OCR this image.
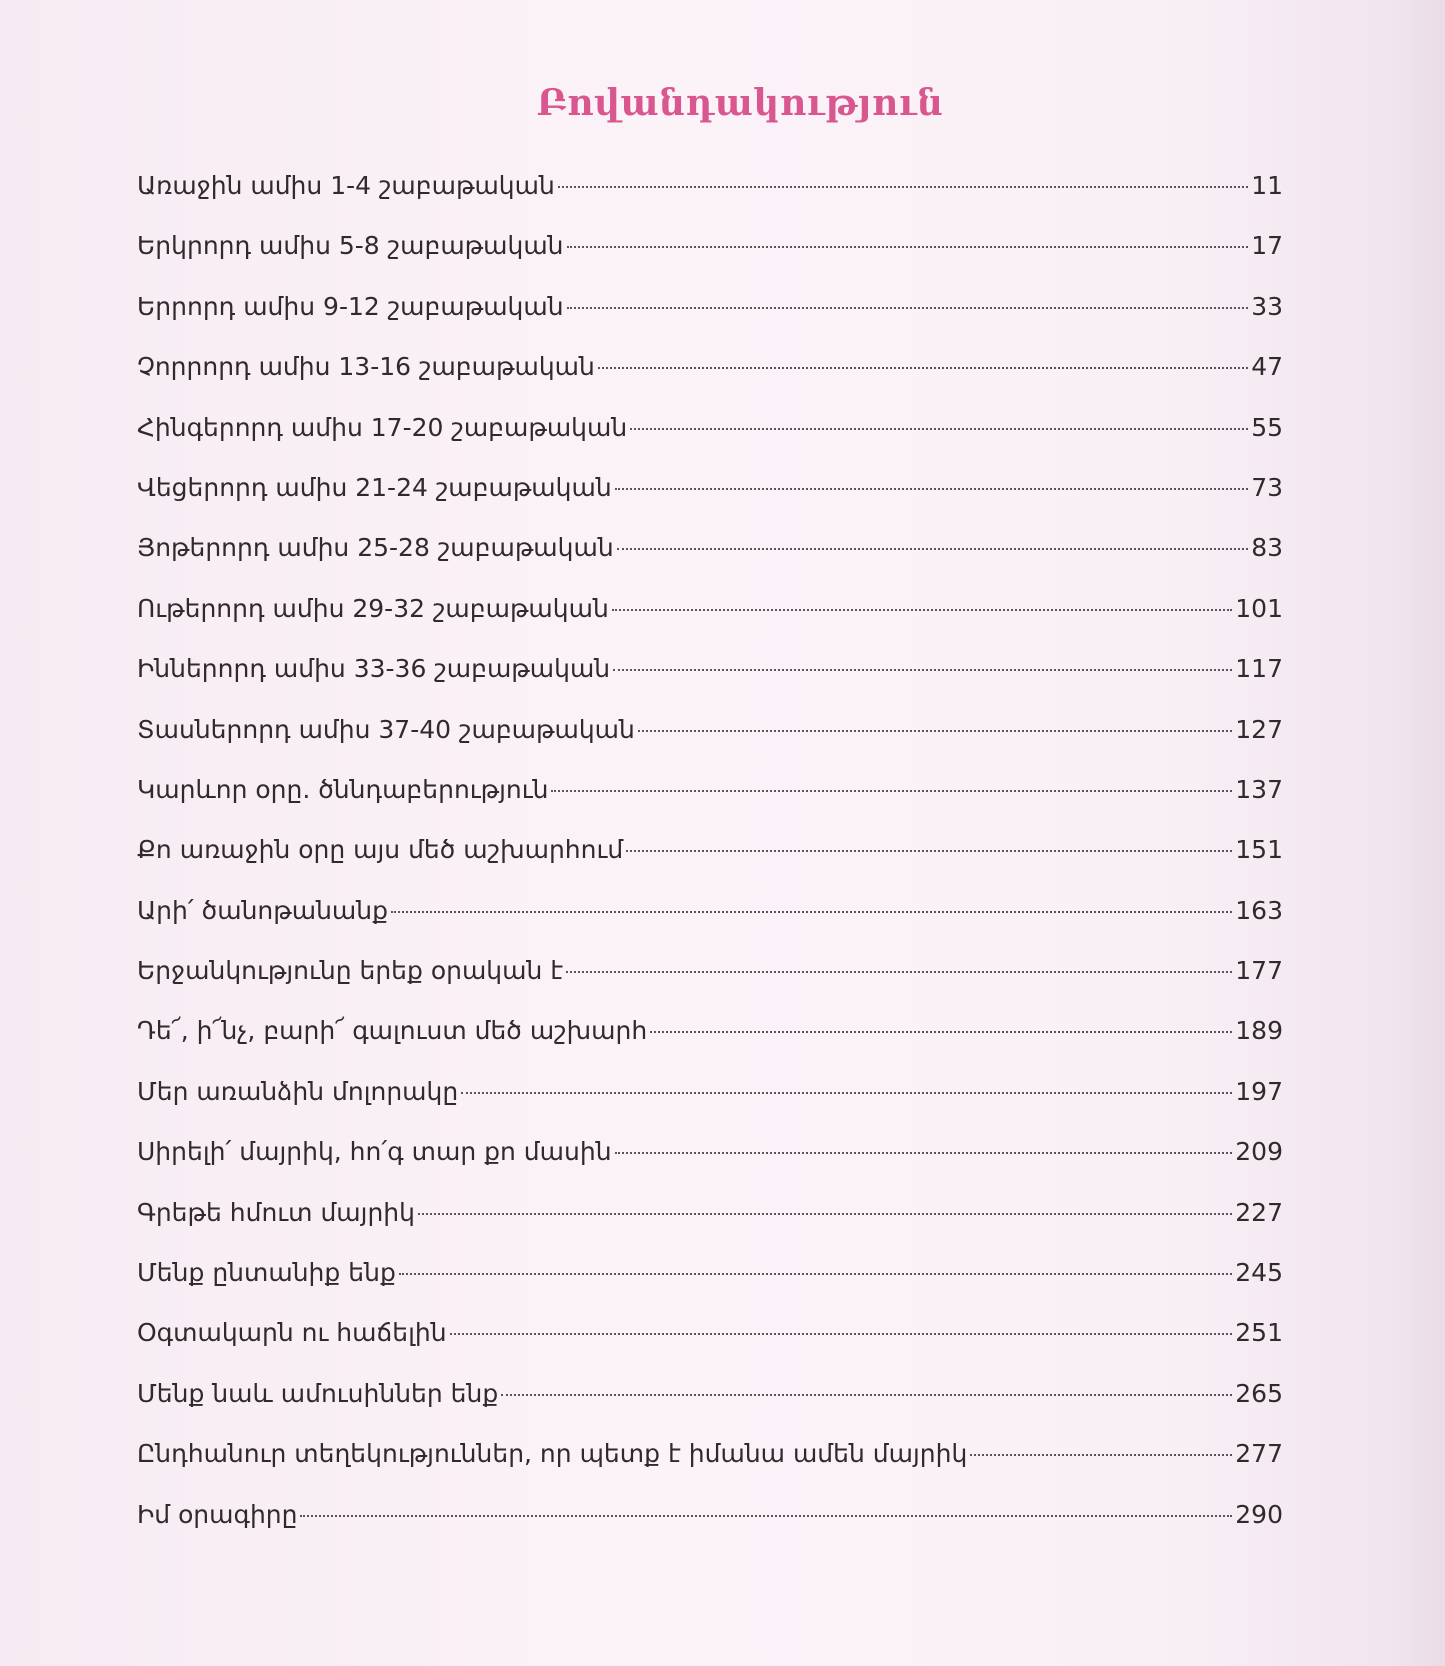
Բովանդակություն
Առաջին ամիս 1-4 շաբաթական	11
Երկրորդ ամիս 5-8 շաբաթական	17
Երրորդ ամիս 9-12 շաբաթական	33
Չորրորդ ամիս 13-16 շաբաթական	47
Հինգերորդ ամիս 17-20 շաբաթական	55
Վեցերորդ ամիս 21-24 շաբաթական	73
Յոթերորդ ամիս 25-28 շաբաթական	83
Ութերորդ ամիս 29-32 շաբաթական	101
Իններորդ ամիս 33-36 շաբաթական	117
Տասներորդ ամիս 37-40 շաբաթական	127
Կարևոր օրը. ծննդաբերություն	137
Քո առաջին օրը այս մեծ աշխարհում	151
Արի՛ ծանոթանանք	163
Երջանկությունը երեք օրական է	177
Դե՜, ի՜նչ, բարի՜ գալուստ մեծ աշխարհ	189
Մեր առանձին մոլորակը	197
Սիրելի՛ մայրիկ, հո՛գ տար քո մասին	209
Գրեթե հմուտ մայրիկ	227
Մենք ընտանիք ենք	245
Օգտակարն ու հաճելին	251
Մենք նաև ամուսիններ ենք	265
Ընդհանուր տեղեկություններ, որ պետք է իմանա ամեն մայրիկ	277
Իմ օրագիրը	290
